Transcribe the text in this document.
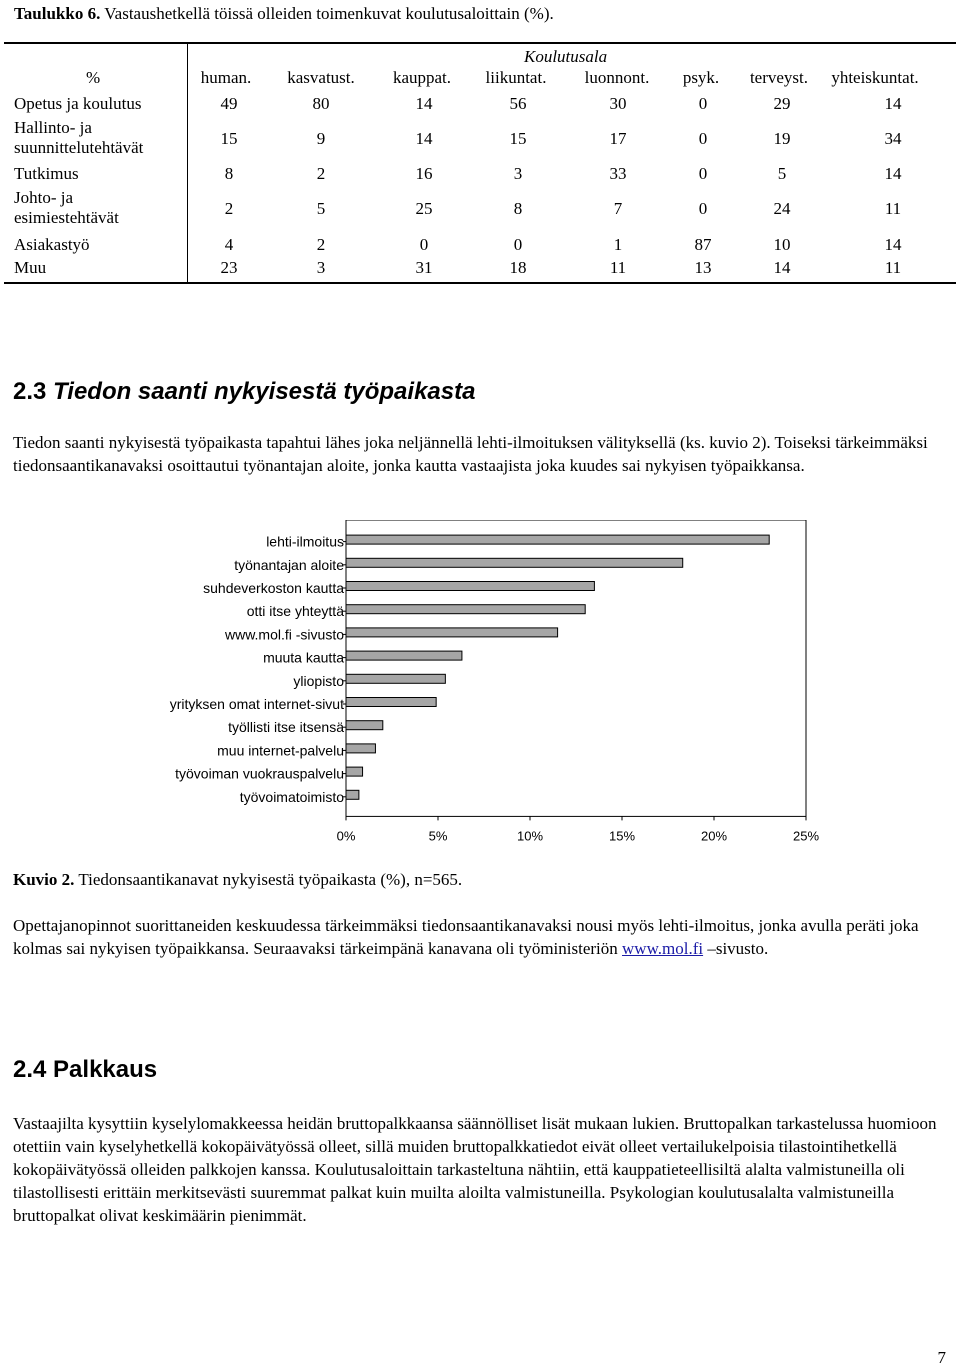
Taulukko 6. Vastaushetkellä töissä olleiden toimenkuvat koulutusaloittain (%).
Koulutusala
%	human.	kasvatust.	kauppat.	liikuntat.	luonnont.	psyk.	terveyst.	yhteiskuntat.
Opetus ja koulutus	49	80	14	56	30	0	29	14
Hallinto- ja
suunnittelutehtävät	15	9	14	15	17	0	19	34
Tutkimus	8	2	16	3	33	0	5	14
Johto- ja
esimiestehtävät	2	5	25	8	7	0	24	11
Asiakastyö	4	2	0	0	1	87	10	14
Muu	23	3	31	18	11	13	14	11
2.3 Tiedon saanti nykyisestä työpaikasta

Tiedon saanti nykyisestä työpaikasta tapahtui lähes joka neljännellä lehti-ilmoituksen välityksellä (ks. kuvio 2). Toiseksi tärkeimmäksi tiedonsaantikanavaksi osoittautui työnantajan aloite, jonka kautta vastaajista joka kuudes sai nykyisen työpaikkansa.

lehti-ilmoitus
työnantajan aloite
suhdeverkoston kautta
otti itse yhteyttä
www.mol.fi -sivusto
muuta kautta
yliopisto
yrityksen omat internet-sivut
työllisti itse itsensä
muu internet-palvelu
työvoiman vuokrauspalvelu
työvoimatoimisto
0%	5%	10%	15%	20%	25%
Kuvio 2. Tiedonsaantikanavat nykyisestä työpaikasta (%), n=565.

Opettajanopinnot suorittaneiden keskuudessa tärkeimmäksi tiedonsaantikanavaksi nousi myös lehti-ilmoitus, jonka avulla peräti joka kolmas sai nykyisen työpaikkansa. Seuraavaksi tärkeimpänä kanavana oli työministeriön www.mol.fi –sivusto.

2.4 Palkkaus

Vastaajilta kysyttiin kyselylomakkeessa heidän bruttopalkkaansa säännölliset lisät mukaan lukien. Bruttopalkan tarkastelussa huomioon otettiin vain kyselyhetkellä kokopäivätyössä olleet, sillä muiden bruttopalkkatiedot eivät olleet vertailukelpoisia tilastointihetkellä kokopäivätyössä olleiden palkkojen kanssa. Koulutusaloittain tarkasteltuna nähtiin, että kauppatieteellisiltä alalta valmistuneilla oli tilastollisesti erittäin merkitsevästi suuremmat palkat kuin muilta aloilta valmistuneilla. Psykologian koulutusalalta valmistuneilla bruttopalkat olivat keskimäärin pienimmät.

7
